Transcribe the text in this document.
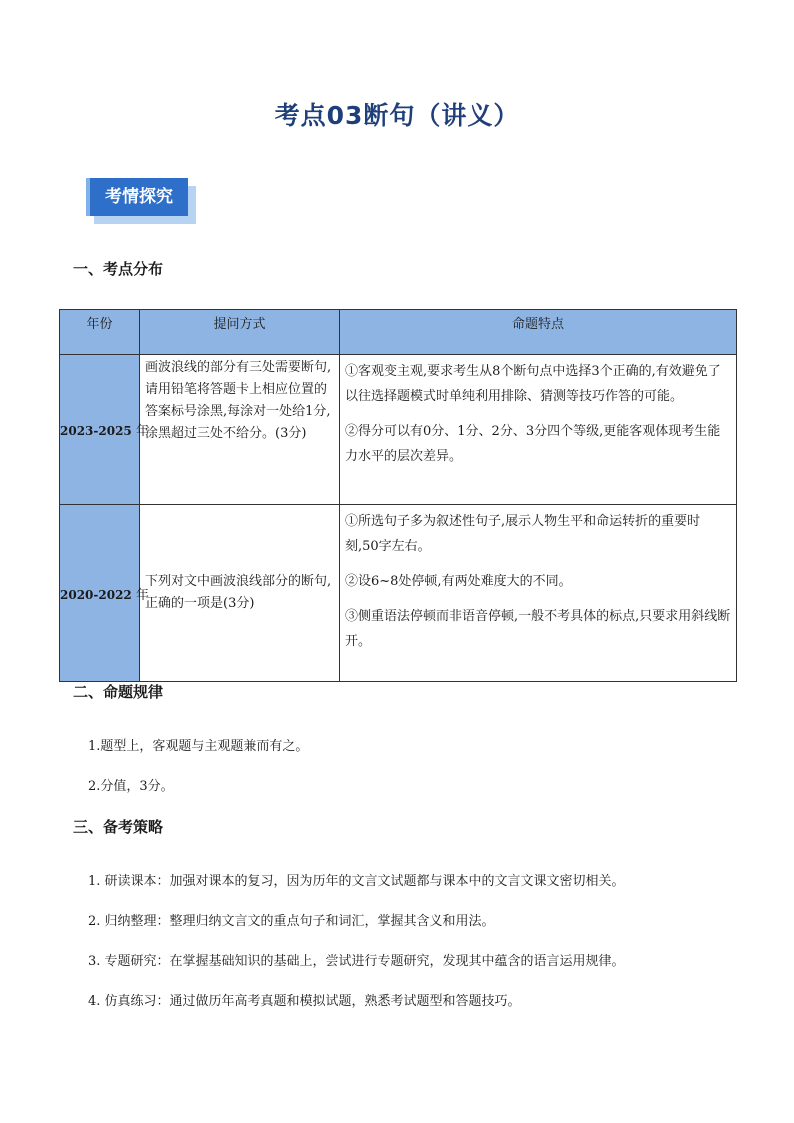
考点03断句（讲义）
考情探究
一、考点分布
年份	提问方式	命题特点
2023-2025 年	画波浪线的部分有三处需要断句,请用铅笔将答题卡上相应位置的答案标号涂黑,每涂对一处给1分,涂黑超过三处不给分。(3分)	①客观变主观,要求考生从8个断句点中选择3个正确的,有效避免了以往选择题模式时单纯利用排除、猜测等技巧作答的可能。

②得分可以有0分、1分、2分、3分四个等级,更能客观体现考生能力水平的层次差异。

2020-2022 年	下列对文中画波浪线部分的断句,正确的一项是(3分)	①所选句子多为叙述性句子,展示人物生平和命运转折的重要时刻,50字左右。

②设6~8处停顿,有两处难度大的不同。

③侧重语法停顿而非语音停顿,一般不考具体的标点,只要求用斜线断开。

二、命题规律
1.题型上，客观题与主观题兼而有之。
2.分值，3分。
三、备考策略
1. 研读课本：加强对课本的复习，因为历年的文言文试题都与课本中的文言文课文密切相关。
2. 归纳整理：整理归纳文言文的重点句子和词汇，掌握其含义和用法。
3. 专题研究：在掌握基础知识的基础上，尝试进行专题研究，发现其中蕴含的语言运用规律。
4. 仿真练习：通过做历年高考真题和模拟试题，熟悉考试题型和答题技巧。
